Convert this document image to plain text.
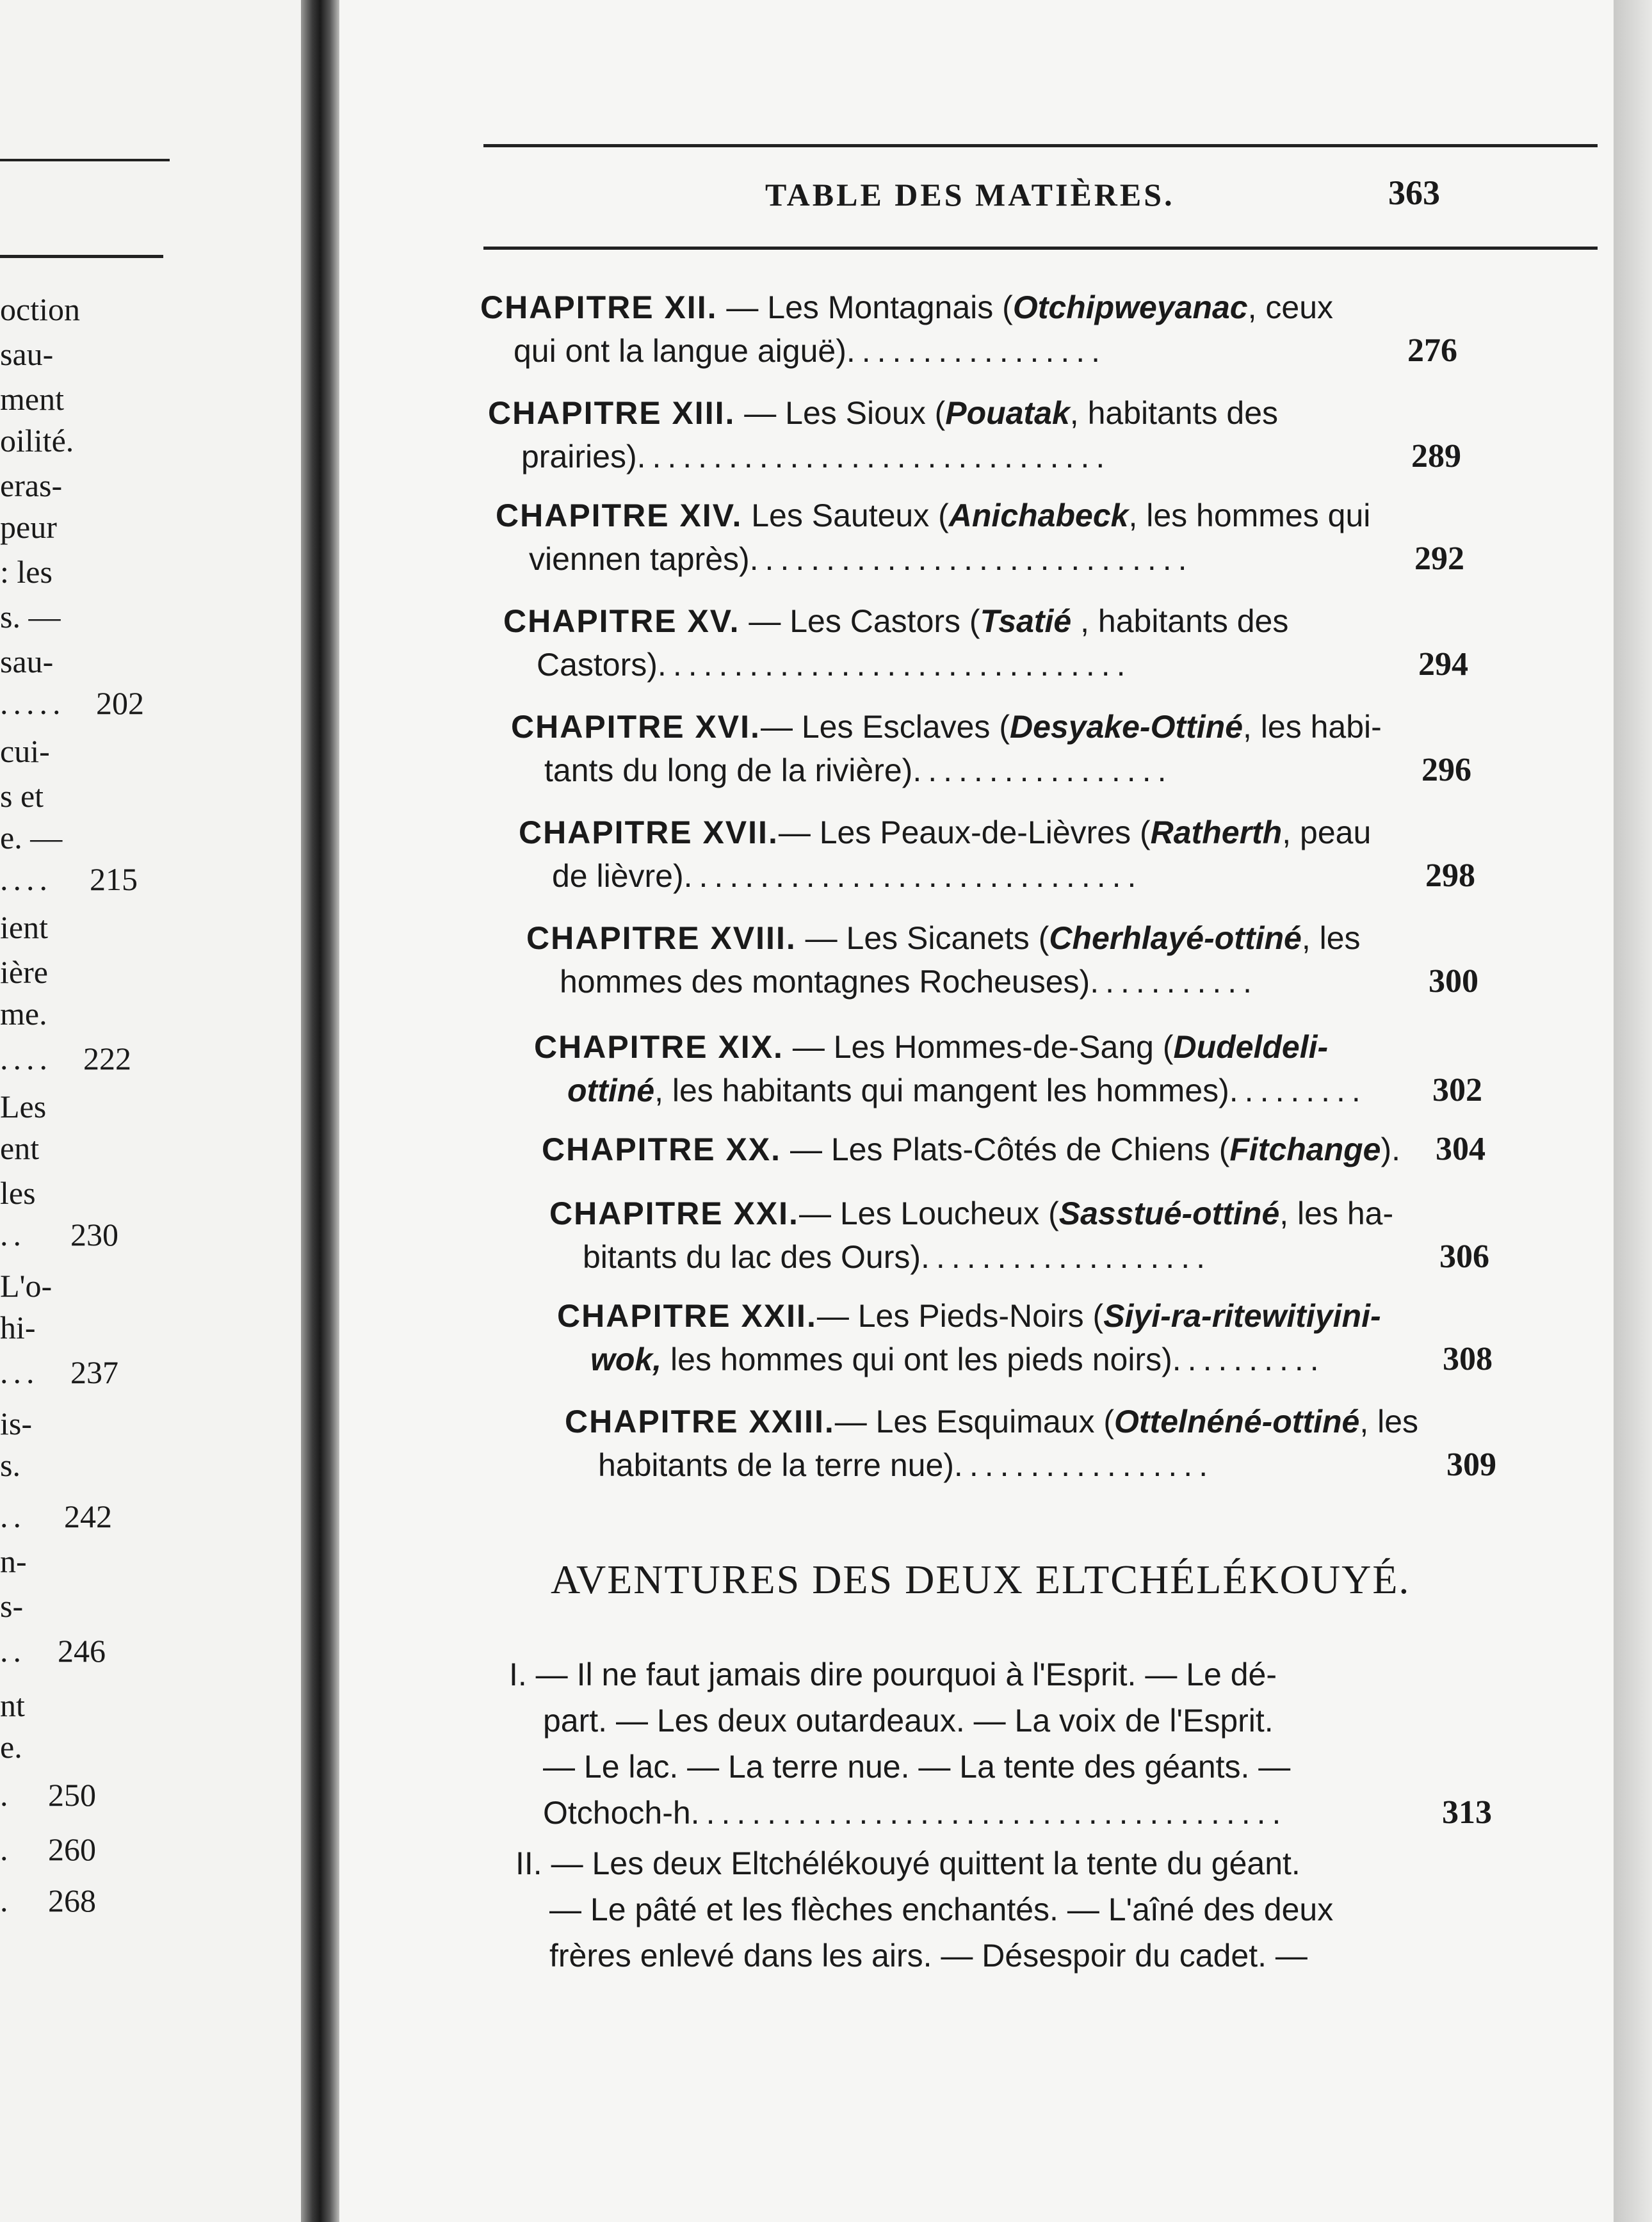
oction
sau-
ment
oilité.
eras-
peur
: les
s. —
sau-
..... 202
cui-
s et
e. —
.... 215
ient
ière
me.
.... 222
Les
ent
les
.. 230
L'o-
hi-
... 237
is-
s.
.. 242
n-
s-
.. 246
nt
e.
. 250
. 260
. 268
TABLE DES MATIÈRES.	363
CHAPITRE XII. — Les Montagnais (Otchipweyanac, ceux
qui ont la langue aiguë).................	276
CHAPITRE XIII. — Les Sioux (Pouatak, habitants des
prairies)...............................	289
CHAPITRE XIV. Les Sauteux (Anichabeck, les hommes qui
viennen taprès).............................	292
CHAPITRE XV. — Les Castors (Tsatié , habitants des
Castors)...............................	294
CHAPITRE XVI.— Les Esclaves (Desyake-Ottiné, les habi-
tants du long de la rivière).................	296
CHAPITRE XVII.— Les Peaux-de-Lièvres (Ratherth, peau
de lièvre)..............................	298
CHAPITRE XVIII. — Les Sicanets (Cherhlayé-ottiné, les
hommes des montagnes Rocheuses)...........	300
CHAPITRE XIX. — Les Hommes-de-Sang (Dudeldeli-
ottiné, les habitants qui mangent les hommes)......... 302
CHAPITRE XX. — Les Plats-Côtés de Chiens (Fitchange). 304
CHAPITRE XXI.— Les Loucheux (Sasstué-ottiné, les ha-
bitants du lac des Ours)...................	306
CHAPITRE XXII.— Les Pieds-Noirs (Siyi-ra-ritewitiyini-
wok, les hommes qui ont les pieds noirs)..........	308
CHAPITRE XXIII.— Les Esquimaux (Ottelnéné-ottiné, les
habitants de la terre nue).................	309
AVENTURES DES DEUX ELTCHÉLÉKOUYÉ.
I. — Il ne faut jamais dire pourquoi à l'Esprit. — Le dé-
part. — Les deux outardeaux. — La voix de l'Esprit.
— Le lac. — La terre nue. — La tente des géants. —
Otchoch-h.......................................	313
II. — Les deux Eltchélékouyé quittent la tente du géant.
— Le pâté et les flèches enchantés. — L'aîné des deux
frères enlevé dans les airs. — Désespoir du cadet. —
